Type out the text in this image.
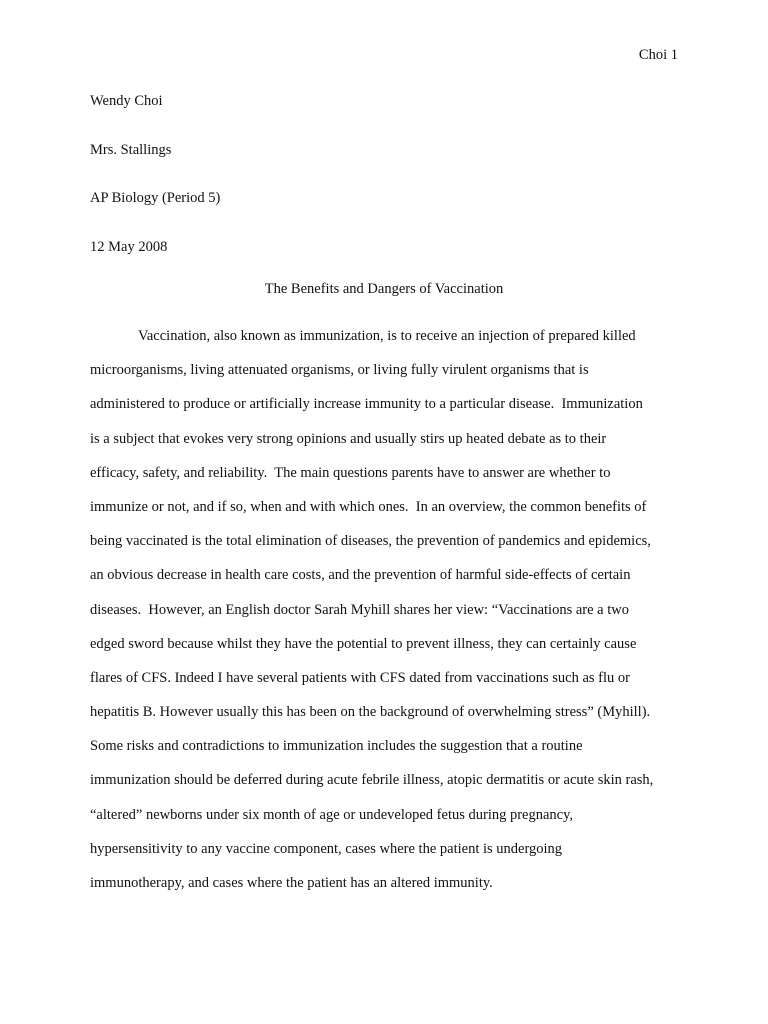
Choi 1
Wendy Choi
Mrs. Stallings
AP Biology (Period 5)
12 May 2008
The Benefits and Dangers of Vaccination
Vaccination, also known as immunization, is to receive an injection of prepared killed
microorganisms, living attenuated organisms, or living fully virulent organisms that is
administered to produce or artificially increase immunity to a particular disease.  Immunization
is a subject that evokes very strong opinions and usually stirs up heated debate as to their
efficacy, safety, and reliability.  The main questions parents have to answer are whether to
immunize or not, and if so, when and with which ones.  In an overview, the common benefits of
being vaccinated is the total elimination of diseases, the prevention of pandemics and epidemics,
an obvious decrease in health care costs, and the prevention of harmful side-effects of certain
diseases.  However, an English doctor Sarah Myhill shares her view: “Vaccinations are a two
edged sword because whilst they have the potential to prevent illness, they can certainly cause
flares of CFS. Indeed I have several patients with CFS dated from vaccinations such as flu or
hepatitis B. However usually this has been on the background of overwhelming stress” (Myhill).
Some risks and contradictions to immunization includes the suggestion that a routine
immunization should be deferred during acute febrile illness, atopic dermatitis or acute skin rash,
“altered” newborns under six month of age or undeveloped fetus during pregnancy,
hypersensitivity to any vaccine component, cases where the patient is undergoing
immunotherapy, and cases where the patient has an altered immunity.
